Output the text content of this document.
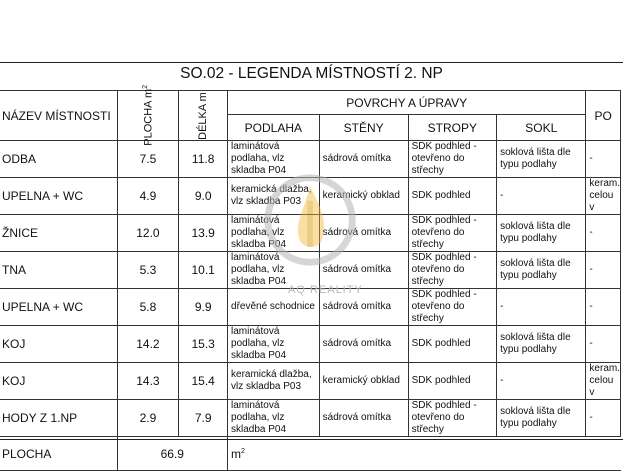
SO.02 - LEGENDA MÍSTNOSTÍ 2. NP
NÁZEV MÍSTNOSTI	PLOCHA $m^2$	DÉLKA m	POVRCHY A ÚPRAVY				PO
			PODLAHA	STĚNY	STROPY	SOKL	
ODBA	7.5	11.8	laminátová podlaha, vlz skladba P04	sádrová omítka	SDK podhled - otevřeno do střechy	soklová lišta dle typu podlahy	-
UPELNA + WC	4.9	9.0	keramická dlažba, vlz skladba P03	keramický obklad	SDK podhled	-	keram. celou v
ŽNICE	12.0	13.9	laminátová podlaha, vlz skladba P04	sádrová omítka	SDK podhled - otevřeno do střechy	soklová lišta dle typu podlahy	-
TNA	5.3	10.1	laminátová podlaha, vlz skladba P04	sádrová omítka	SDK podhled - otevřeno do střechy	soklová lišta dle typu podlahy	-
UPELNA + WC	5.8	9.9	dřevěné schodnice	sádrová omítka	SDK podhled - otevřeno do střechy	-	-
KOJ	14.2	15.3	laminátová podlaha, vlz skladba P04	sádrová omítka	SDK podhled	soklová lišta dle typu podlahy	-
KOJ	14.3	15.4	keramická dlažba, vlz skladba P03	keramický obklad	SDK podhled	-	keram. celou v
HODY Z 1.NP	2.9	7.9	laminátová podlaha, vlz skladba P04	sádrová omítka	SDK podhled - otevřeno do střechy	soklová lišta dle typu podlahy	-
PLOCHA	66.9		$m^2$
AQ REALITY
